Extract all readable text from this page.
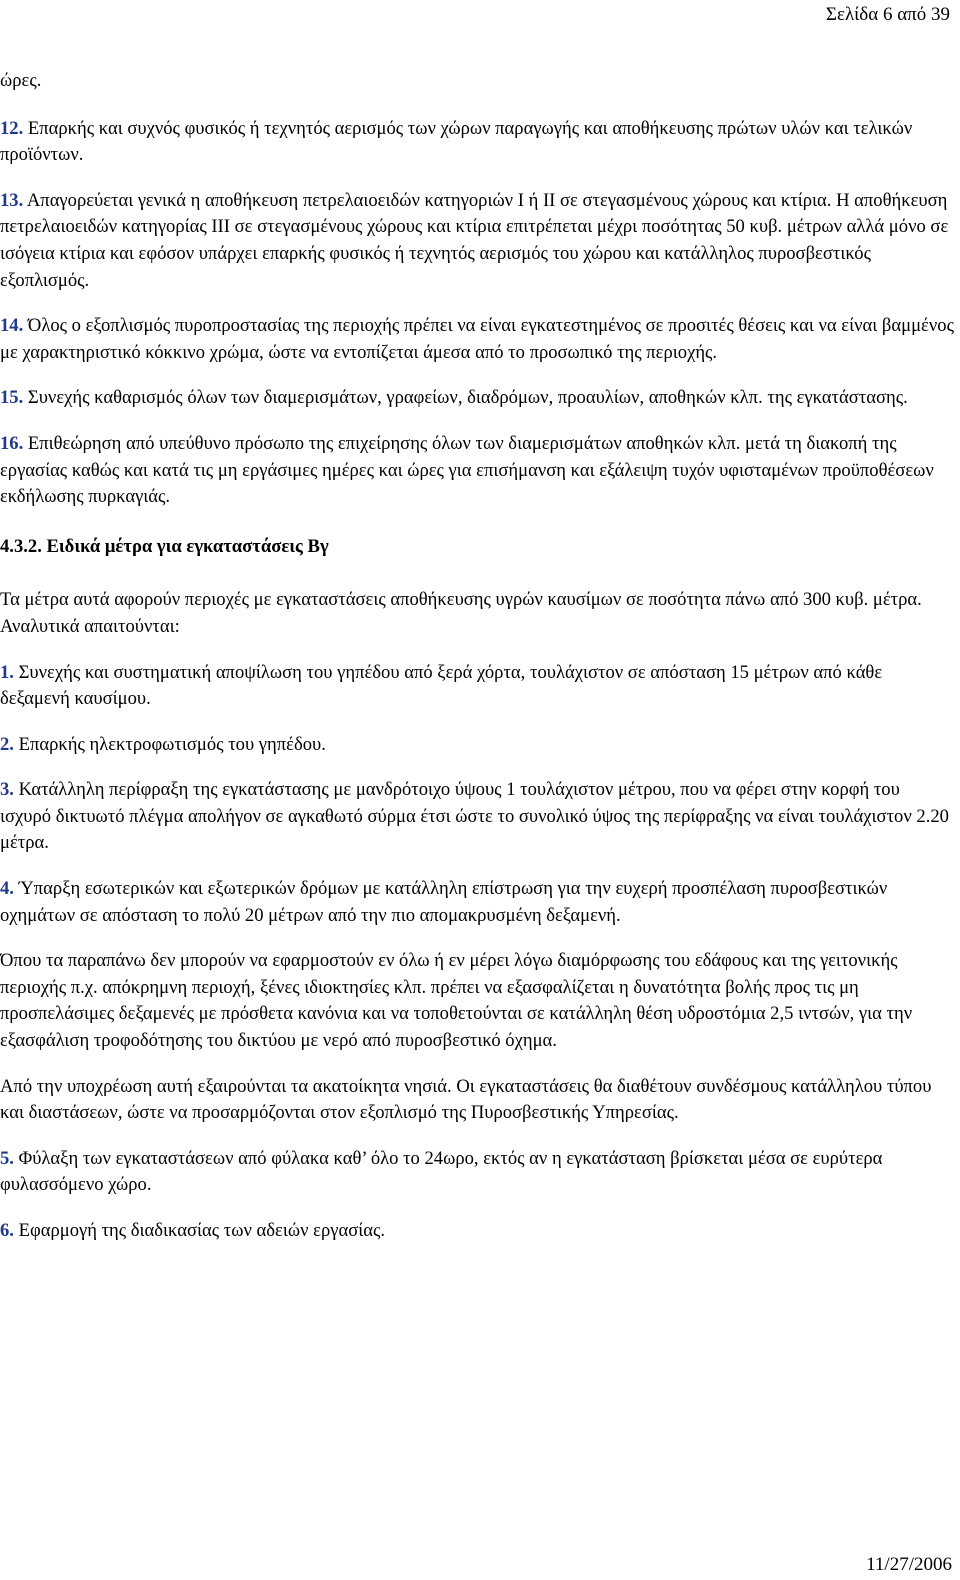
Σελίδα 6 από 39

ώρες.

12. Επαρκής και συχνός φυσικός ή τεχνητός αερισμός των χώρων παραγωγής και αποθήκευσης πρώτων υλών και τελικών προϊόντων.

13. Απαγορεύεται γενικά η αποθήκευση πετρελαιοειδών κατηγοριών Ι ή ΙΙ σε στεγασμένους χώρους και κτίρια. Η αποθήκευση πετρελαιοειδών κατηγορίας ΙΙΙ σε στεγασμένους χώρους και κτίρια επιτρέπεται μέχρι ποσότητας 50 κυβ. μέτρων αλλά μόνο σε ισόγεια κτίρια και εφόσον υπάρχει επαρκής φυσικός ή τεχνητός αερισμός του χώρου και κατάλληλος πυροσβεστικός εξοπλισμός.

14. Όλος ο εξοπλισμός πυροπροστασίας της περιοχής πρέπει να είναι εγκατεστημένος σε προσιτές θέσεις και να είναι βαμμένος με χαρακτηριστικό κόκκινο χρώμα, ώστε να εντοπίζεται άμεσα από το προσωπικό της περιοχής.

15. Συνεχής καθαρισμός όλων των διαμερισμάτων, γραφείων, διαδρόμων, προαυλίων, αποθηκών κλπ. της εγκατάστασης.

16. Επιθεώρηση από υπεύθυνο πρόσωπο της επιχείρησης όλων των διαμερισμάτων αποθηκών κλπ. μετά τη διακοπή της εργασίας καθώς και κατά τις μη εργάσιμες ημέρες και ώρες για επισήμανση και εξάλειψη τυχόν υφισταμένων προϋποθέσεων εκδήλωσης πυρκαγιάς.

4.3.2. Ειδικά μέτρα για εγκαταστάσεις Βγ

Τα μέτρα αυτά αφορούν περιοχές με εγκαταστάσεις αποθήκευσης υγρών καυσίμων σε ποσότητα πάνω από 300 κυβ. μέτρα. Αναλυτικά απαιτούνται:

1. Συνεχής και συστηματική αποψίλωση του γηπέδου από ξερά χόρτα, τουλάχιστον σε απόσταση 15 μέτρων από κάθε δεξαμενή καυσίμου.

2. Επαρκής ηλεκτροφωτισμός του γηπέδου.

3. Κατάλληλη περίφραξη της εγκατάστασης με μανδρότοιχο ύψους 1 τουλάχιστον μέτρου, που να φέρει στην κορφή του ισχυρό δικτυωτό πλέγμα απολήγον σε αγκαθωτό σύρμα έτσι ώστε το συνολικό ύψος της περίφραξης να είναι τουλάχιστον 2.20 μέτρα.

4. Ύπαρξη εσωτερικών και εξωτερικών δρόμων με κατάλληλη επίστρωση για την ευχερή προσπέλαση πυροσβεστικών οχημάτων σε απόσταση το πολύ 20 μέτρων από την πιο απομακρυσμένη δεξαμενή.

Όπου τα παραπάνω δεν μπορούν να εφαρμοστούν εν όλω ή εν μέρει λόγω διαμόρφωσης του εδάφους και της γειτονικής περιοχής π.χ. απόκρημνη περιοχή, ξένες ιδιοκτησίες κλπ. πρέπει να εξασφαλίζεται η δυνατότητα βολής προς τις μη προσπελάσιμες δεξαμενές με πρόσθετα κανόνια και να τοποθετούνται σε κατάλληλη θέση υδροστόμια 2,5 ιντσών, για την εξασφάλιση τροφοδότησης του δικτύου με νερό από πυροσβεστικό όχημα.

Από την υποχρέωση αυτή εξαιρούνται τα ακατοίκητα νησιά. Οι εγκαταστάσεις θα διαθέτουν συνδέσμους κατάλληλου τύπου και διαστάσεων, ώστε να προσαρμόζονται στον εξοπλισμό της Πυροσβεστικής Υπηρεσίας.

5. Φύλαξη των εγκαταστάσεων από φύλακα καθ’ όλο το 24ωρο, εκτός αν η εγκατάσταση βρίσκεται μέσα σε ευρύτερα φυλασσόμενο χώρο.

6. Εφαρμογή της διαδικασίας των αδειών εργασίας.

11/27/2006
